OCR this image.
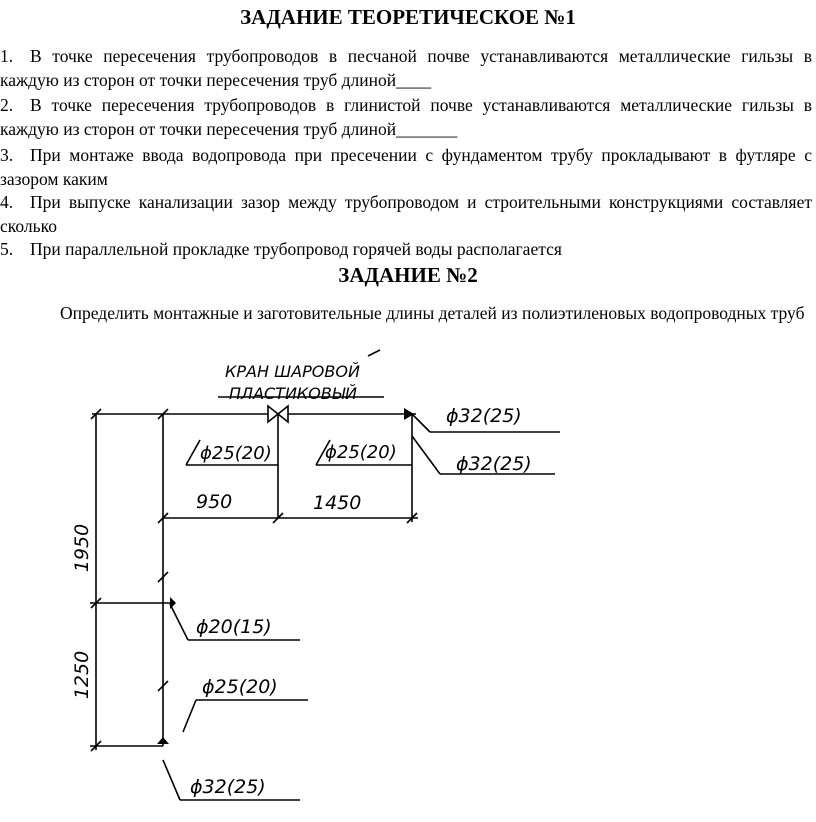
ЗАДАНИЕ ТЕОРЕТИЧЕСКОЕ №1

1. В точке пересечения трубопроводов в песчаной почве устанавливаются металлические гильзы в каждую из сторон от точки пересечения труб длиной____

2. В точке пересечения трубопроводов в глинистой почве устанавливаются металлические гильзы в каждую из сторон от точки пересечения труб длиной_______

3. При монтаже ввода водопровода при пресечении с фундаментом трубу прокладывают в футляре с зазором каким

4. При выпуске канализации зазор между трубопроводом и строительными конструкциями составляет сколько

5. При параллельной прокладке трубопровод горячей воды располагается

ЗАДАНИЕ №2

Определить монтажные и заготовительные длины деталей из полиэтиленовых водопроводных труб

КРАН ШАРОВОЙ
ПЛАСТИКОВЫЙ
ϕ32(25)
ϕ32(25)
ϕ25(20)	ϕ25(20)
950	1450
1950
1250
ϕ20(15)
ϕ25(20)
ϕ32(25)
